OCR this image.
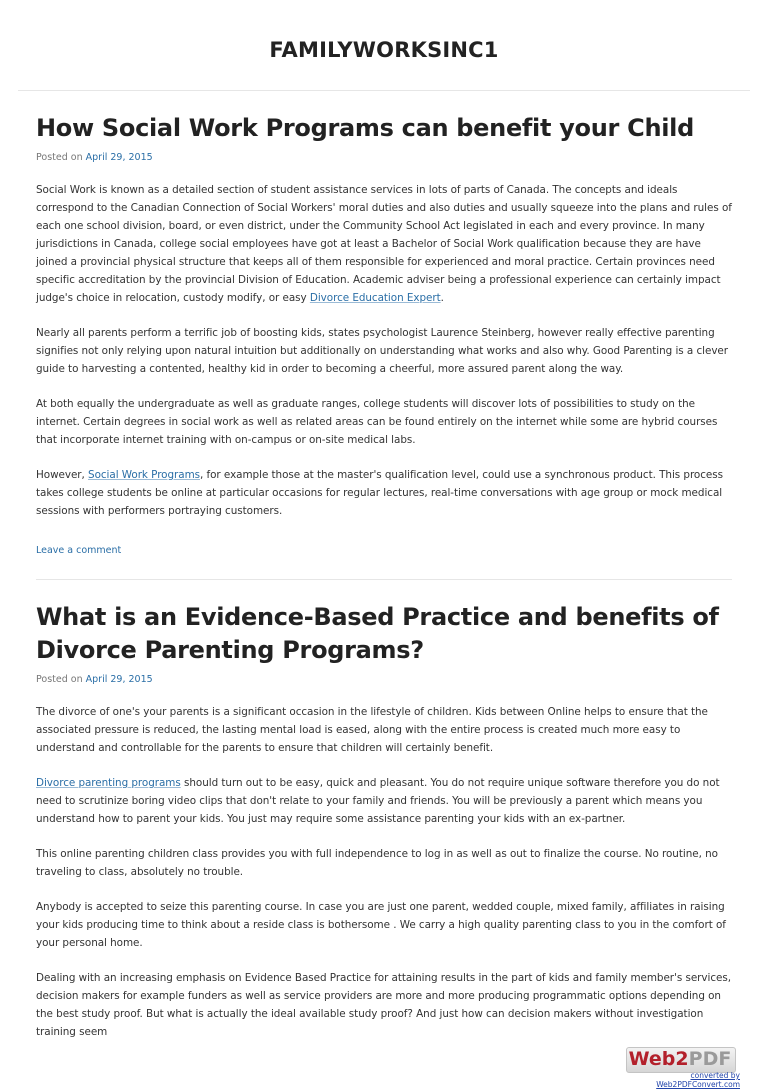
FAMILYWORKSINC1
How Social Work Programs can benefit your Child
Posted on April 29, 2015

Social Work is known as a detailed section of student assistance services in lots of parts of Canada. The concepts and ideals correspond to the Canadian Connection of Social Workers' moral duties and also duties and usually squeeze into the plans and rules of each one school division, board, or even district, under the Community School Act legislated in each and every province. In many jurisdictions in Canada, college social employees have got at least a Bachelor of Social Work qualification because they are have joined a provincial physical structure that keeps all of them responsible for experienced and moral practice. Certain provinces need specific accreditation by the provincial Division of Education. Academic adviser being a professional experience can certainly impact judge's choice in relocation, custody modify, or easy Divorce Education Expert.

Nearly all parents perform a terrific job of boosting kids, states psychologist Laurence Steinberg, however really effective parenting signifies not only relying upon natural intuition but additionally on understanding what works and also why. Good Parenting is a clever guide to harvesting a contented, healthy kid in order to becoming a cheerful, more assured parent along the way.

At both equally the undergraduate as well as graduate ranges, college students will discover lots of possibilities to study on the internet. Certain degrees in social work as well as related areas can be found entirely on the internet while some are hybrid courses that incorporate internet training with on-campus or on-site medical labs.

However, Social Work Programs, for example those at the master's qualification level, could use a synchronous product. This process takes college students be online at particular occasions for regular lectures, real-time conversations with age group or mock medical sessions with performers portraying customers.

Leave a comment
What is an Evidence-Based Practice and benefits of Divorce Parenting Programs?
Posted on April 29, 2015

The divorce of one's your parents is a significant occasion in the lifestyle of children. Kids between Online helps to ensure that the associated pressure is reduced, the lasting mental load is eased, along with the entire process is created much more easy to understand and controllable for the parents to ensure that children will certainly benefit.

Divorce parenting programs should turn out to be easy, quick and pleasant. You do not require unique software therefore you do not need to scrutinize boring video clips that don't relate to your family and friends. You will be previously a parent which means you understand how to parent your kids. You just may require some assistance parenting your kids with an ex-partner.

This online parenting children class provides you with full independence to log in as well as out to finalize the course. No routine, no traveling to class, absolutely no trouble.

Anybody is accepted to seize this parenting course. In case you are just one parent, wedded couple, mixed family, affiliates in raising your kids producing time to think about a reside class is bothersome . We carry a high quality parenting class to you in the comfort of your personal home.

Dealing with an increasing emphasis on Evidence Based Practice for attaining results in the part of kids and family member's services, decision makers for example funders as well as service providers are more and more producing programmatic options depending on the best study proof. But what is actually the ideal available study proof? And just how can decision makers without investigation training seem

Web2PDF
converted by Web2PDFConvert.com
